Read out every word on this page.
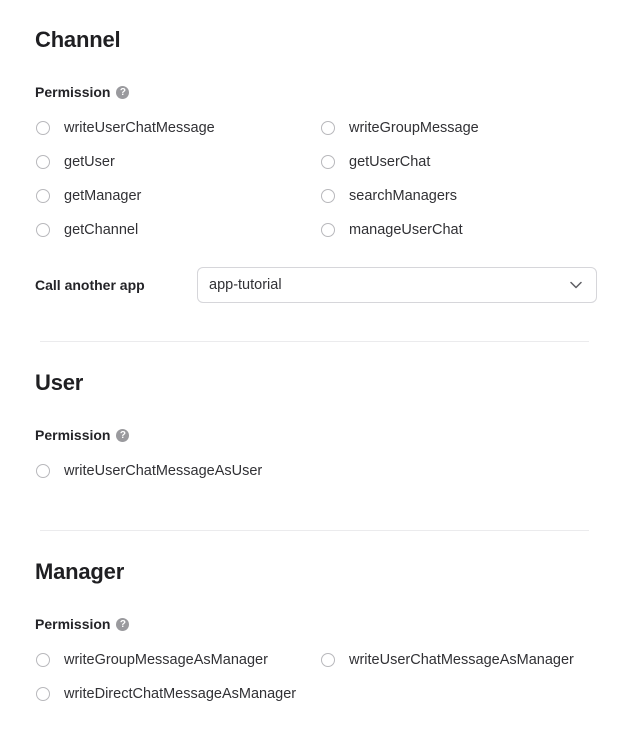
Channel
Permission ?
writeUserChatMessage
getUser
getManager
getChannel
writeGroupMessage
getUserChat
searchManagers
manageUserChat
Call another app	app-tutorial
User
Permission ?
writeUserChatMessageAsUser
Manager
Permission ?
writeGroupMessageAsManager
writeDirectChatMessageAsManager
writeUserChatMessageAsManager
